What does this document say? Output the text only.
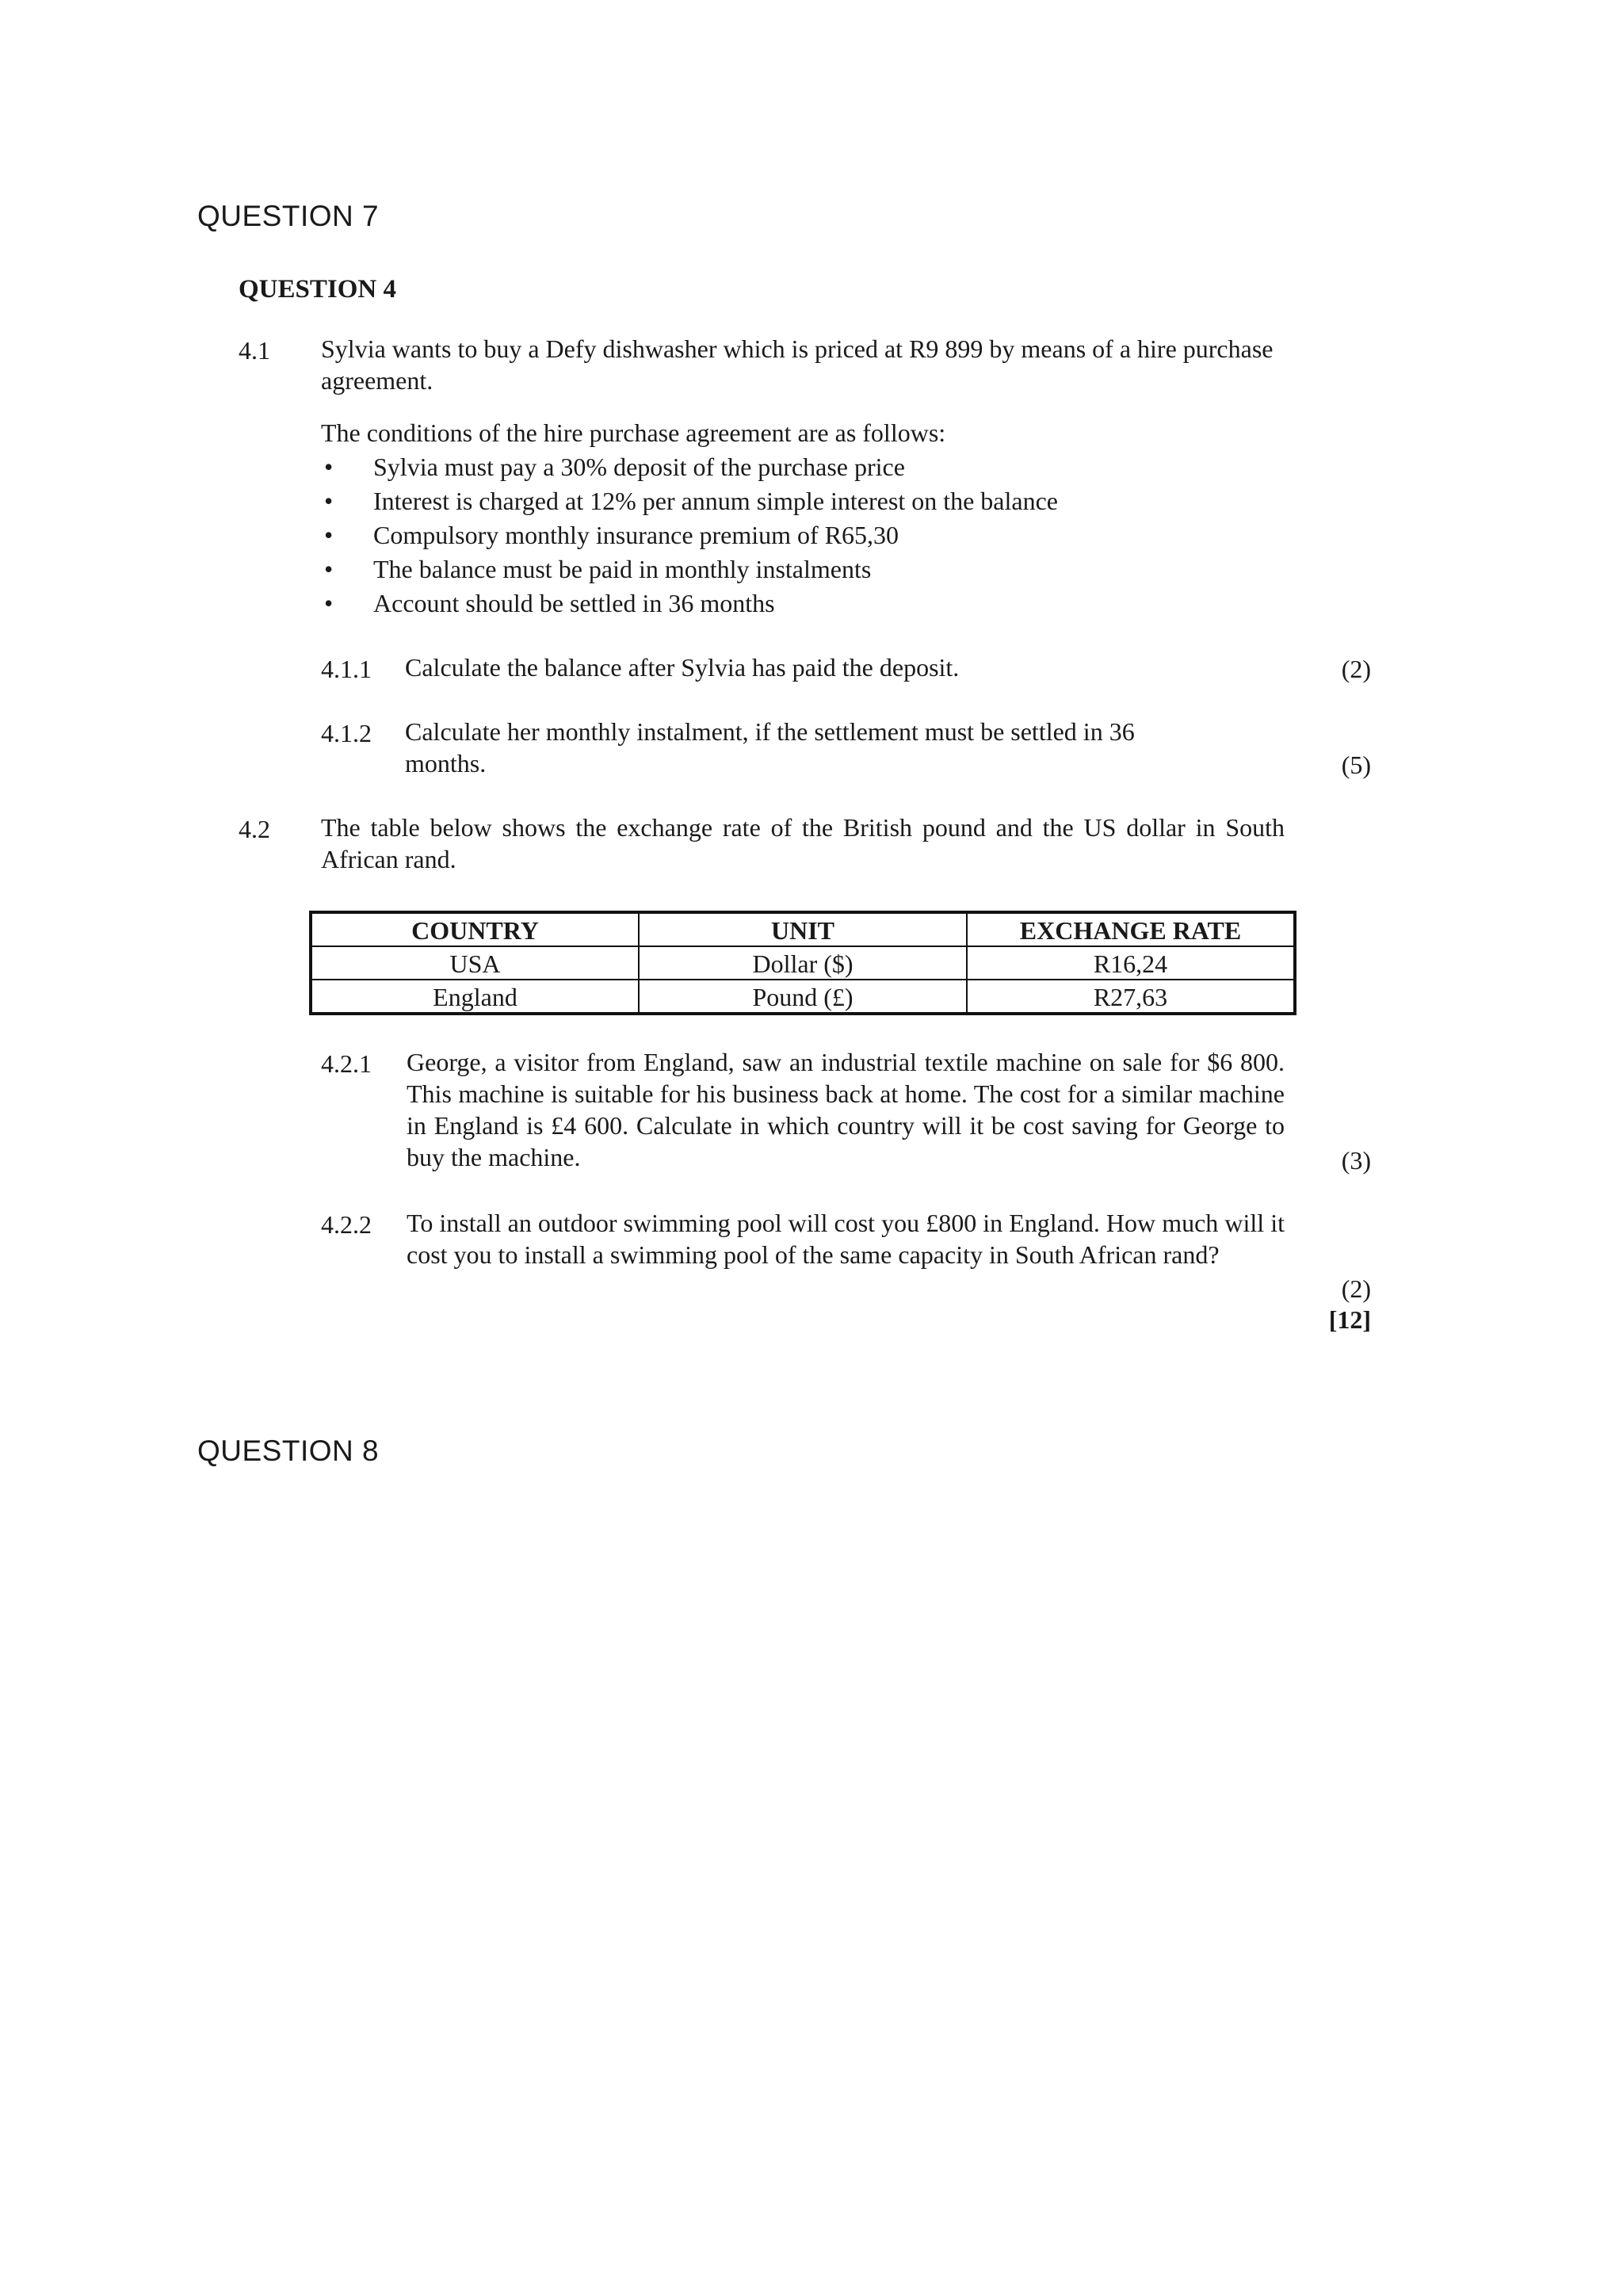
QUESTION 7
QUESTION 4
4.1 Sylvia wants to buy a Defy dishwasher which is priced at R9 899 by means of a hire purchase agreement.
The conditions of the hire purchase agreement are as follows:
• Sylvia must pay a 30% deposit of the purchase price
• Interest is charged at 12% per annum simple interest on the balance
• Compulsory monthly insurance premium of R65,30
• The balance must be paid in monthly instalments
• Account should be settled in 36 months
4.1.1 Calculate the balance after Sylvia has paid the deposit.	(2)
4.1.2 Calculate her monthly instalment, if the settlement must be settled in 36 months.	(5)
4.2 The table below shows the exchange rate of the British pound and the US dollar in South African rand.
COUNTRY	UNIT	EXCHANGE RATE
USA	Dollar ($)	R16,24
England	Pound (£)	R27,63
4.2.1 George, a visitor from England, saw an industrial textile machine on sale for $6 800. This machine is suitable for his business back at home. The cost for a similar machine in England is £4 600. Calculate in which country will it be cost saving for George to buy the machine.	(3)
4.2.2 To install an outdoor swimming pool will cost you £800 in England. How much will it cost you to install a swimming pool of the same capacity in South African rand?
(2)
[12]
QUESTION 8
